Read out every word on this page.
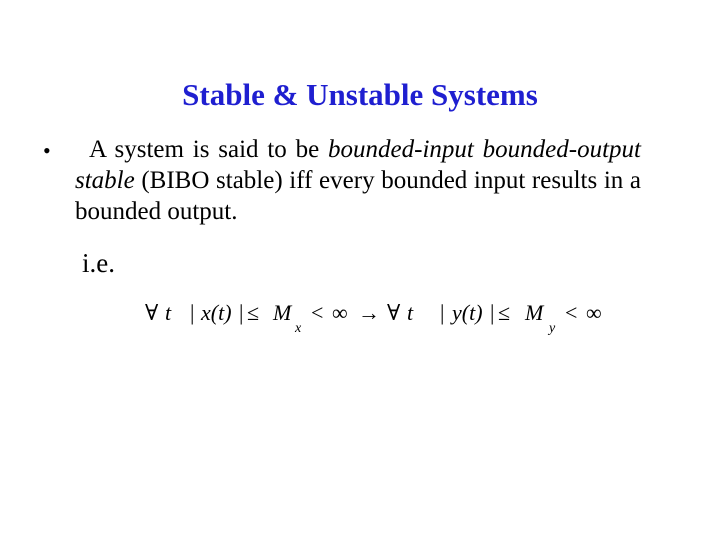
Stable & Unstable Systems
•	A system is said to be bounded-input bounded-output stable (BIBO stable) iff every bounded input results in a bounded output.
i.e.
∀ t | x(t) | ≤ M
x
< ∞ → ∀ t | y(t) | ≤ M
y
< ∞
